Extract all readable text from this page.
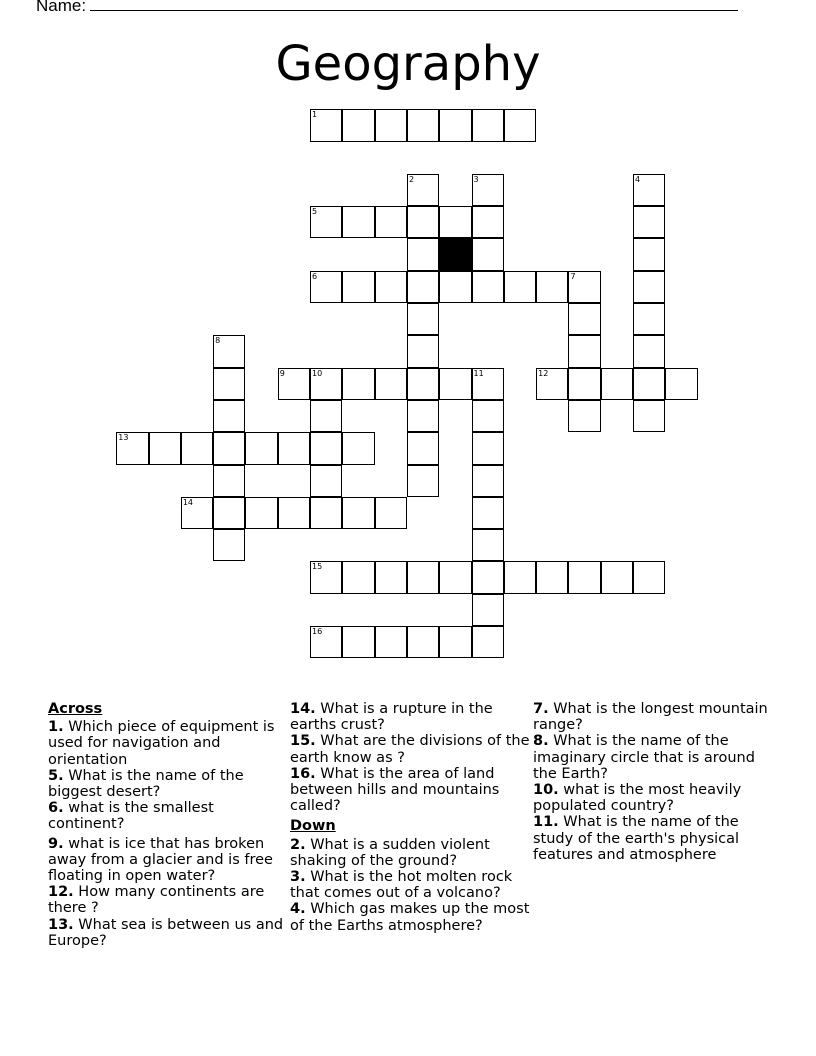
Name:
Geography
1
5
6	7
9	10	11	12
13
14
15
16
2	3	4
8
Across
1. Which piece of equipment is used for navigation and orientation
5. What is the name of the biggest desert?
6. what is the smallest continent?
9. what is ice that has broken away from a glacier and is free floating in open water?
12. How many continents are there ?
13. What sea is between us and Europe?
14. What is a rupture in the earths crust?
15. What are the divisions of the earth know as ?
16. What is the area of land between hills and mountains called?
Down
2. What is a sudden violent shaking of the ground?
3. What is the hot molten rock that comes out of a volcano?
4. Which gas makes up the most of the Earths atmosphere?
7. What is the longest mountain range?
8. What is the name of the imaginary circle that is around the Earth?
10. what is the most heavily populated country?
11. What is the name of the study of the earth's physical features and atmosphere
